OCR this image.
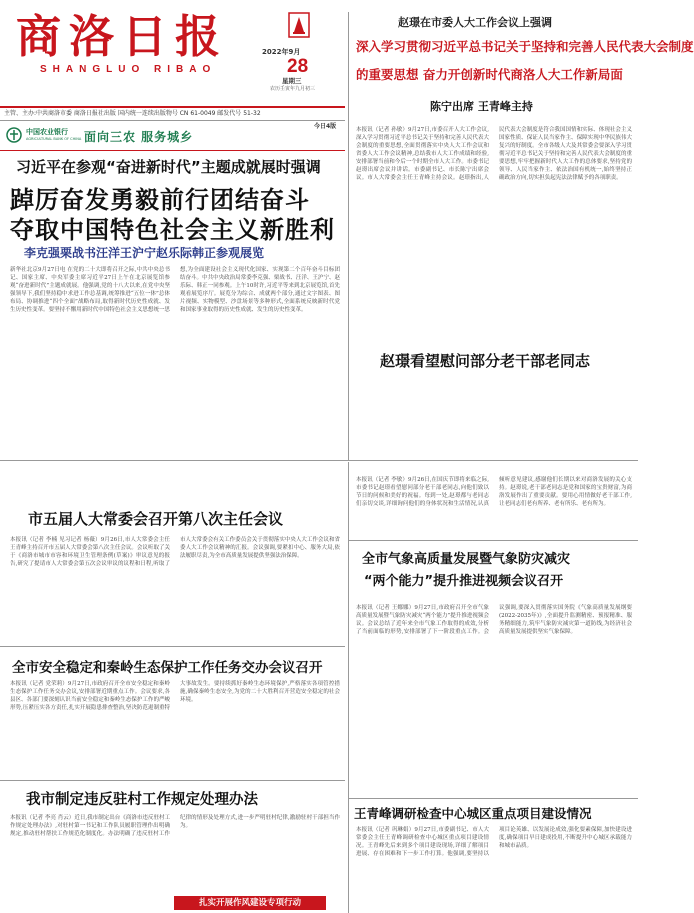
商洛日报
SHANGLUO RIBAO
2022年9月
28
星期三
农历壬寅年九月初三
主管、主办:中共商洛市委 商洛日报社出版 国内统一连续出版物号 CN 61-0049 邮发代号 51-32
今日4版
中国农业银行
AGRICULTURAL BANK OF CHINA 面向三农 服务城乡
赵璟在市委人大工作会议上强调
深入学习贯彻习近平总书记关于坚持和完善人民代表大会制度
的重要思想 奋力开创新时代商洛人大工作新局面
陈宁出席 王青峰主持
本报讯（记者 孙敏）9月27日,市委召开人大工作会议,深入学习贯彻习近平总书记关于坚持和完善人民代表大会制度的重要思想,全面贯彻落实中央人大工作会议和省委人大工作会议精神,总结我市人大工作成绩和经验,安排部署当前和今后一个时期全市人大工作。市委书记赵璟出席会议并讲话。市委副书记、市长陈宁出席会议。市人大常委会主任王青峰主持会议。赵璟指出,人民代表大会制度是符合我国国情和实际、体现社会主义国家性质、保证人民当家作主、保障实现中华民族伟大复兴的好制度。全市各级人大及其常委会要深入学习贯彻习近平总书记关于坚持和完善人民代表大会制度的重要思想,牢牢把握新时代人大工作的总体要求,坚持党的领导、人民当家作主、依法治国有机统一,始终坚持正确政治方向,切实担负起宪法法律赋予的各项职责。
习近平在参观“奋进新时代”主题成就展时强调
踔厉奋发勇毅前行团结奋斗
夺取中国特色社会主义新胜利
李克强栗战书汪洋王沪宁赵乐际韩正参观展览
新华社北京9月27日电 在党的二十大即将召开之际,中共中央总书记、国家主席、中央军委主席习近平27日上午在北京展览馆参观“奋进新时代”主题成就展。他强调,党的十八大以来,在党中央坚强领导下,我们坚持稳中求进工作总基调,统筹推进“五位一体”总体布局、协调推进“四个全面”战略布局,取得新时代历史性成就、发生历史性变革。要坚持不懈用新时代中国特色社会主义思想统一思想,为全面建设社会主义现代化国家、实现第二个百年奋斗目标团结奋斗。中共中央政治局常委李克强、栗战书、汪洋、王沪宁、赵乐际、韩正一同参观。上午10时许,习近平等来到北京展览馆,首先观看展览序厅。展览分为综合、成就两个部分,通过文字图表、图片视频、实物模型、沙盘场景等多种形式,全面系统反映新时代党和国家事业取得的历史性成就、发生的历史性变革。
赵璟看望慰问部分老干部老同志
市五届人大常委会召开第八次主任会议
本报讯（记者 李楠 见习记者 杨薇）9月26日,市人大常委会主任王青峰主持召开市五届人大常委会第八次主任会议。会议听取了关于《商洛市城市市容和环境卫生管理条例(草案)》审议意见的报告,研究了提请市人大常委会第五次会议审议的议程和日程,听取了市人大常委会有关工作委员会关于贯彻落实中央人大工作会议和省委人大工作会议精神的汇报。会议强调,要紧扣中心、服务大局,依法履职尽责,为全市高质量发展提供坚强法治保障。
本报讯（记者 李敏）9月26日,在国庆节即将来临之际,市委书记赵璟看望慰问部分老干部老同志,向他们致以节日的问候和美好的祝福。每到一处,赵璟都与老同志们亲切交谈,详细询问他们的身体状况和生活情况,认真倾听意见建议,感谢他们长期以来对商洛发展的关心支持。赵璟说,老干部老同志是党和国家的宝贵财富,为商洛发展作出了重要贡献。要用心用情做好老干部工作,让老同志们老有所养、老有所乐、老有所为。
全市气象高质量发展暨气象防灾减灾
“两个能力”提升推进视频会议召开
本报讯（记者 王娜娜）9月27日,市政府召开全市气象高质量发展暨气象防灾减灾“两个能力”提升推进视频会议。会议总结了近年来全市气象工作取得的成效,分析了当前面临的形势,安排部署了下一阶段重点工作。会议强调,要深入贯彻落实国务院《气象高质量发展纲要(2022-2035年)》,全面提升监测精密、预报精准、服务精细能力,筑牢气象防灾减灾第一道防线,为经济社会高质量发展提供坚实气象保障。
全市安全稳定和秦岭生态保护工作任务交办会议召开
本报讯（记者 党荣莉）9月27日,市政府召开全市安全稳定和秦岭生态保护工作任务交办会议,安排部署近期重点工作。会议要求,各县区、各部门要深刻认识当前安全稳定和秦岭生态保护工作的严峻形势,压紧压实各方责任,扎实开展隐患排查整治,坚决防范遏制重特大事故发生。要持续抓好秦岭生态环境保护,严格落实各项管控措施,确保秦岭生态安全,为党的二十大胜利召开营造安全稳定的社会环境。
我市制定违反驻村工作规定处理办法
本报讯（记者 李亮 肖云）近日,我市制定出台《商洛市违反驻村工作规定处理办法》,对驻村第一书记和工作队员履职管理作出明确规定,推动驻村帮扶工作规范化制度化。办法明确了违反驻村工作纪律的情形及处理方式,进一步严明驻村纪律,激励驻村干部担当作为。
扎实开展作风建设专项行动
王青峰调研检查中心城区重点项目建设情况
本报讯（记者 巩琳娟）9月27日,市委副书记、市人大常委会主任王青峰调研检查中心城区重点项目建设情况。王青峰先后来到多个项目建设现场,详细了解项目进展、存在困难和下一步工作打算。他强调,要坚持以项目论英雄、以发展论成效,强化要素保障,加快建设进度,确保项目早日建成投用,不断提升中心城区承载能力和城市品质。
